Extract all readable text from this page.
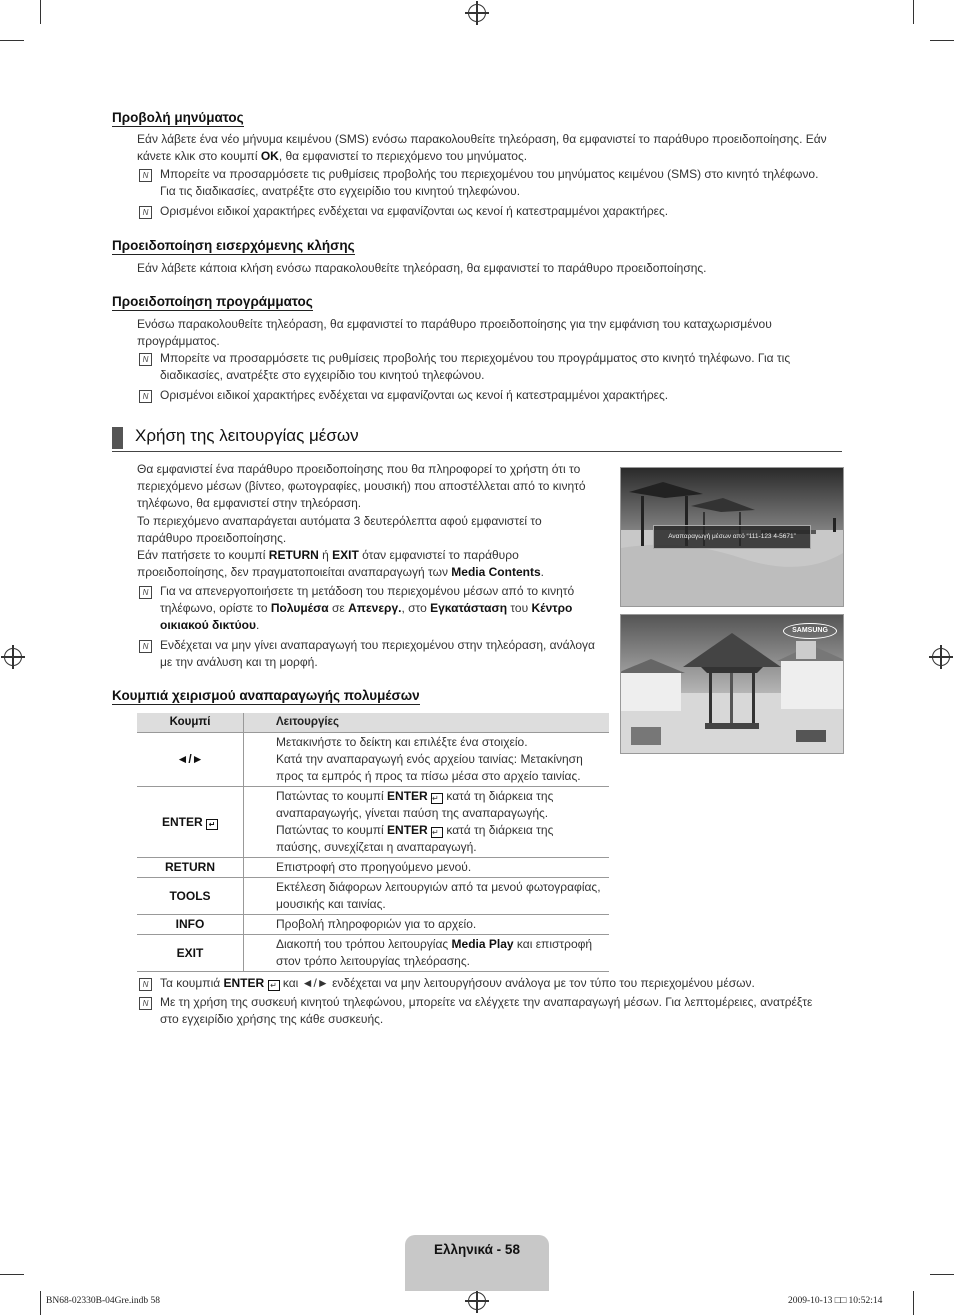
Προβολή μηνύματος
Εάν λάβετε ένα νέο μήνυμα κειμένου (SMS) ενόσω παρακολουθείτε τηλεόραση, θα εμφανιστεί το παράθυρο προειδοποίησης. Εάν
κάνετε κλικ στο κουμπί OK, θα εμφανιστεί το περιεχόμενο του μηνύματος.
N Μπορείτε να προσαρμόσετε τις ρυθμίσεις προβολής του περιεχομένου του μηνύματος κειμένου (SMS) στο κινητό τηλέφωνο.
Για τις διαδικασίες, ανατρέξτε στο εγχειρίδιο του κινητού τηλεφώνου.
N Ορισμένοι ειδικοί χαρακτήρες ενδέχεται να εμφανίζονται ως κενοί ή κατεστραμμένοι χαρακτήρες.
Προειδοποίηση εισερχόμενης κλήσης
Εάν λάβετε κάποια κλήση ενόσω παρακολουθείτε τηλεόραση, θα εμφανιστεί το παράθυρο προειδοποίησης.
Προειδοποίηση προγράμματος
Ενόσω παρακολουθείτε τηλεόραση, θα εμφανιστεί το παράθυρο προειδοποίησης για την εμφάνιση του καταχωρισμένου
προγράμματος.
N Μπορείτε να προσαρμόσετε τις ρυθμίσεις προβολής του περιεχομένου του προγράμματος στο κινητό τηλέφωνο. Για τις
διαδικασίες, ανατρέξτε στο εγχειρίδιο του κινητού τηλεφώνου.
N Ορισμένοι ειδικοί χαρακτήρες ενδέχεται να εμφανίζονται ως κενοί ή κατεστραμμένοι χαρακτήρες.
Χρήση της λειτουργίας μέσων
Θα εμφανιστεί ένα παράθυρο προειδοποίησης που θα πληροφορεί το χρήστη ότι το
περιεχόμενο μέσων (βίντεο, φωτογραφίες, μουσική) που αποστέλλεται από το κινητό
τηλέφωνο, θα εμφανιστεί στην τηλεόραση.
Το περιεχόμενο αναπαράγεται αυτόματα 3 δευτερόλεπτα αφού εμφανιστεί το
παράθυρο προειδοποίησης.
Εάν πατήσετε το κουμπί RETURN ή EXIT όταν εμφανιστεί το παράθυρο
προειδοποίησης, δεν πραγματοποιείται αναπαραγωγή των Media Contents.
N Για να απενεργοποιήσετε τη μετάδοση του περιεχομένου μέσων από το κινητό
τηλέφωνο, ορίστε το Πολυμέσα σε Απενεργ., στο Εγκατάσταση του Κέντρο
οικιακού δικτύου.
N Ενδέχεται να μην γίνει αναπαραγωγή του περιεχομένου στην τηλεόραση, ανάλογα
με την ανάλυση και τη μορφή.
Αναπαραγωγή μέσων από “111-123 4-5671”
SAMSUNG
Κουμπιά χειρισμού αναπαραγωγής πολυμέσων
Κουμπί	Λειτουργίες
◄/►	Μετακινήστε το δείκτη και επιλέξτε ένα στοιχείο.
Κατά την αναπαραγωγή ενός αρχείου ταινίας: Μετακίνηση
προς τα εμπρός ή προς τα πίσω μέσα στο αρχείο ταινίας.

ENTER ↵	Πατώντας το κουμπί ENTER ↵ κατά τη διάρκεια της
αναπαραγωγής, γίνεται παύση της αναπαραγωγής.
Πατώντας το κουμπί ENTER ↵ κατά τη διάρκεια της
παύσης, συνεχίζεται η αναπαραγωγή.

RETURN	Επιστροφή στο προηγούμενο μενού.
TOOLS	Εκτέλεση διάφορων λειτουργιών από τα μενού φωτογραφίας,
μουσικής και ταινίας.

INFO	Προβολή πληροφοριών για το αρχείο.
EXIT	Διακοπή του τρόπου λειτουργίας Media Play και επιστροφή
στον τρόπο λειτουργίας τηλεόρασης.
N Τα κουμπιά ENTER ↵ και ◄/► ενδέχεται να μην λειτουργήσουν ανάλογα με τον τύπο του περιεχομένου μέσων.
N Με τη χρήση της συσκευή κινητού τηλεφώνου, μπορείτε να ελέγχετε την αναπαραγωγή μέσων. Για λεπτομέρειες, ανατρέξτε
στο εγχειρίδιο χρήσης της κάθε συσκευής.
Ελληνικά - 58
BN68-02330B-04Gre.indb 58	2009-10-13 □□ 10:52:14
